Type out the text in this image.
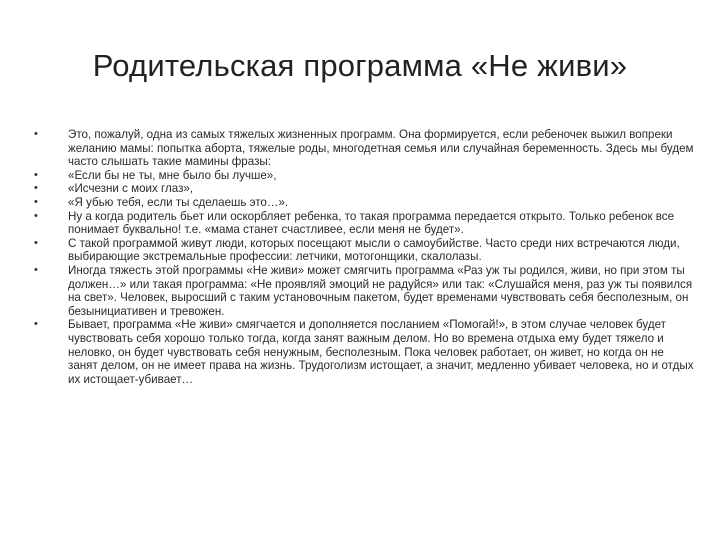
Родительская программа «Не живи»
•	Это, пожалуй, одна из самых тяжелых жизненных программ. Она формируется, если ребеночек выжил вопреки желанию мамы: попытка аборта, тяжелые роды, многодетная семья или случайная беременность. Здесь мы будем часто слышать такие мамины фразы:
•	«Если бы не ты, мне было бы лучше»,
•	«Исчезни с моих глаз»,
•	«Я убью тебя, если ты сделаешь это…».
•	Ну а когда родитель бьет или оскорбляет ребенка, то такая программа передается открыто. Только ребенок все понимает буквально! т.е. «мама станет счастливее, если меня не будет».
•	С такой программой живут люди, которых посещают мысли о самоубийстве. Часто среди них встречаются люди, выбирающие экстремальные профессии: летчики, мотогонщики, скалолазы.
•	Иногда тяжесть этой программы «Не живи» может смягчить программа «Раз уж ты родился, живи, но при этом ты должен…» или такая программа: «Не проявляй эмоций не радуйся» или так: «Слушайся меня, раз уж ты появился на свет». Человек, выросший с таким установочным пакетом, будет временами чувствовать себя бесполезным, он безынициативен и тревожен.
•	Бывает, программа «Не живи» смягчается и дополняется посланием «Помогай!», в этом случае человек будет чувствовать себя хорошо только тогда, когда занят важным делом. Но во времена отдыха ему будет тяжело и неловко, он будет чувствовать себя ненужным, бесполезным. Пока человек работает, он живет, но когда он не занят делом, он не имеет права на жизнь. Трудоголизм истощает, а значит, медленно убивает человека, но и отдых их истощает-убивает…
